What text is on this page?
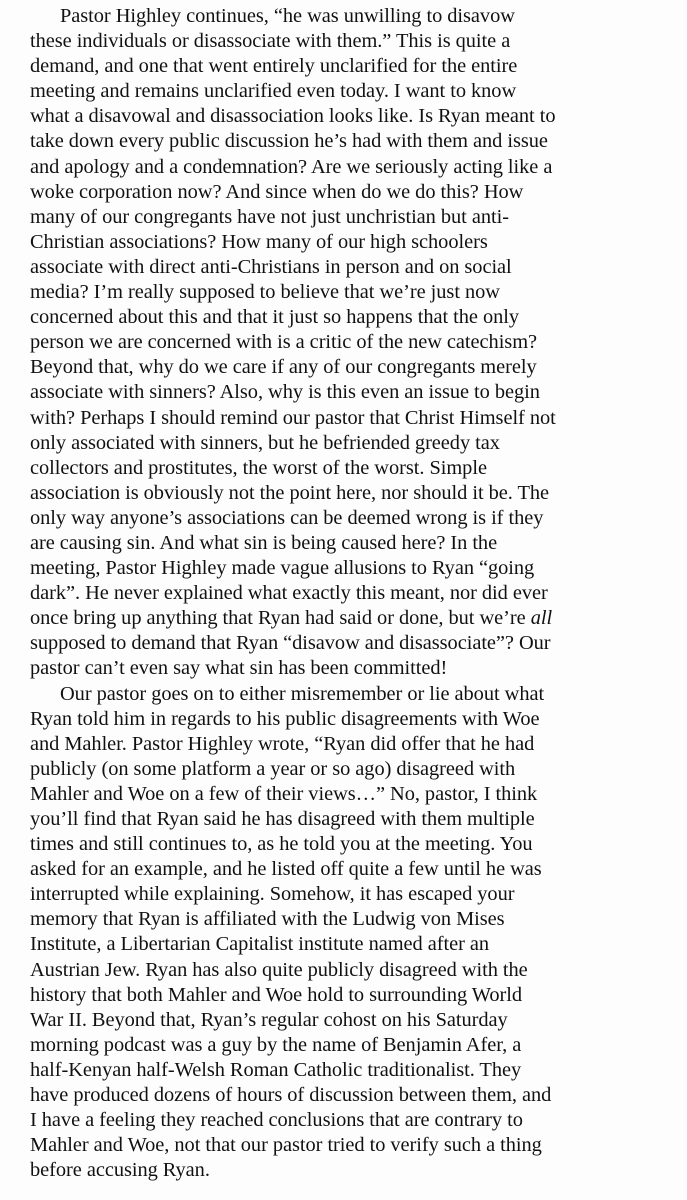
Pastor Highley continues, “he was unwilling to disavow
these individuals or disassociate with them.” This is quite a
demand, and one that went entirely unclarified for the entire
meeting and remains unclarified even today. I want to know
what a disavowal and disassociation looks like. Is Ryan meant to
take down every public discussion he’s had with them and issue
and apology and a condemnation? Are we seriously acting like a
woke corporation now? And since when do we do this? How
many of our congregants have not just unchristian but anti-
Christian associations? How many of our high schoolers
associate with direct anti-Christians in person and on social
media? I’m really supposed to believe that we’re just now
concerned about this and that it just so happens that the only
person we are concerned with is a critic of the new catechism?
Beyond that, why do we care if any of our congregants merely
associate with sinners? Also, why is this even an issue to begin
with? Perhaps I should remind our pastor that Christ Himself not
only associated with sinners, but he befriended greedy tax
collectors and prostitutes, the worst of the worst. Simple
association is obviously not the point here, nor should it be. The
only way anyone’s associations can be deemed wrong is if they
are causing sin. And what sin is being caused here? In the
meeting, Pastor Highley made vague allusions to Ryan “going
dark”. He never explained what exactly this meant, nor did ever
once bring up anything that Ryan had said or done, but we’re all
supposed to demand that Ryan “disavow and disassociate”? Our
pastor can’t even say what sin has been committed!
Our pastor goes on to either misremember or lie about what
Ryan told him in regards to his public disagreements with Woe
and Mahler. Pastor Highley wrote, “Ryan did offer that he had
publicly (on some platform a year or so ago) disagreed with
Mahler and Woe on a few of their views…” No, pastor, I think
you’ll find that Ryan said he has disagreed with them multiple
times and still continues to, as he told you at the meeting. You
asked for an example, and he listed off quite a few until he was
interrupted while explaining. Somehow, it has escaped your
memory that Ryan is affiliated with the Ludwig von Mises
Institute, a Libertarian Capitalist institute named after an
Austrian Jew. Ryan has also quite publicly disagreed with the
history that both Mahler and Woe hold to surrounding World
War II. Beyond that, Ryan’s regular cohost on his Saturday
morning podcast was a guy by the name of Benjamin Afer, a
half-Kenyan half-Welsh Roman Catholic traditionalist. They
have produced dozens of hours of discussion between them, and
I have a feeling they reached conclusions that are contrary to
Mahler and Woe, not that our pastor tried to verify such a thing
before accusing Ryan.
